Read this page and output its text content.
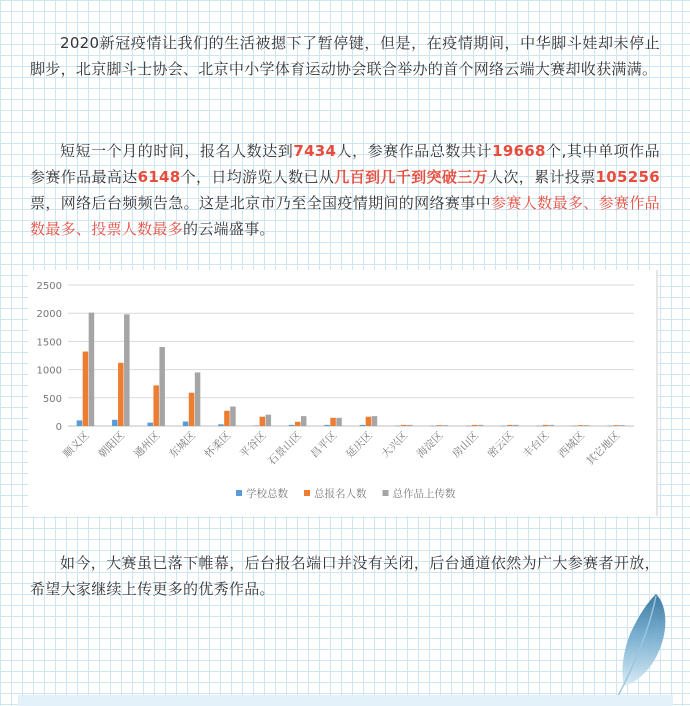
2020新冠疫情让我们的生活被摁下了暂停键，但是，在疫情期间，中华脚斗娃却未停止脚步，北京脚斗士协会、北京中小学体育运动协会联合举办的首个网络云端大赛却收获满满。

短短一个月的时间，报名人数达到7434人，参赛作品总数共计19668个,其中单项作品参赛作品最高达6148个，日均游览人数已从几百到几千到突破三万人次，累计投票105256票，网络后台频频告急。这是北京市乃至全国疫情期间的网络赛事中参赛人数最多、参赛作品数最多、投票人数最多的云端盛事。

0
500
1000
1500
2000
2500
顺义区 朝阳区 通州区 东城区 怀柔区 平谷区
石景山区 昌平区 延庆区 大兴区 海淀区 房山区 密云区 丰台区 西城区
其它地区
学校总数 总报名人数 总作品上传数

如今，大赛虽已落下帷幕，后台报名端口并没有关闭，后台通道依然为广大参赛者开放，希望大家继续上传更多的优秀作品。
